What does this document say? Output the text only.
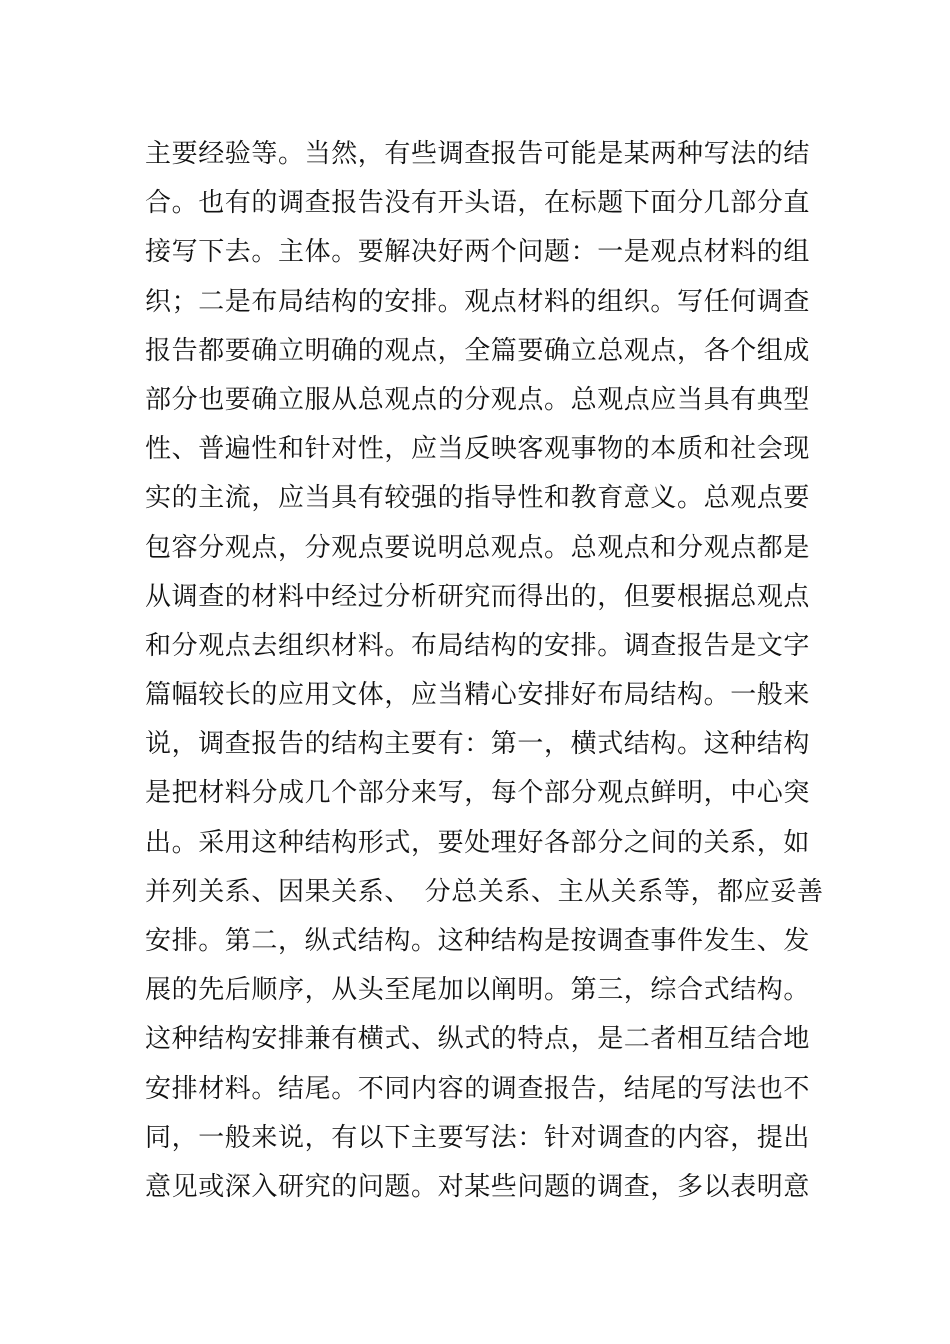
主要经验等。当然，有些调查报告可能是某两种写法的结
合。也有的调查报告没有开头语，在标题下面分几部分直
接写下去。主体。要解决好两个问题：一是观点材料的组
织；二是布局结构的安排。观点材料的组织。写任何调查
报告都要确立明确的观点，全篇要确立总观点，各个组成
部分也要确立服从总观点的分观点。总观点应当具有典型
性、普遍性和针对性，应当反映客观事物的本质和社会现
实的主流，应当具有较强的指导性和教育意义。总观点要
包容分观点，分观点要说明总观点。总观点和分观点都是
从调查的材料中经过分析研究而得出的，但要根据总观点
和分观点去组织材料。布局结构的安排。调查报告是文字
篇幅较长的应用文体，应当精心安排好布局结构。一般来
说，调查报告的结构主要有：第一，横式结构。这种结构
是把材料分成几个部分来写，每个部分观点鲜明，中心突
出。采用这种结构形式，要处理好各部分之间的关系，如
并列关系、因果关系、　分总关系、主从关系等，都应妥善
安排。第二，纵式结构。这种结构是按调查事件发生、发
展的先后顺序，从头至尾加以阐明。第三，综合式结构。
这种结构安排兼有横式、纵式的特点，是二者相互结合地
安排材料。结尾。不同内容的调查报告，结尾的写法也不
同，一般来说，有以下主要写法：针对调查的内容，提出
意见或深入研究的问题。对某些问题的调查，多以表明意
